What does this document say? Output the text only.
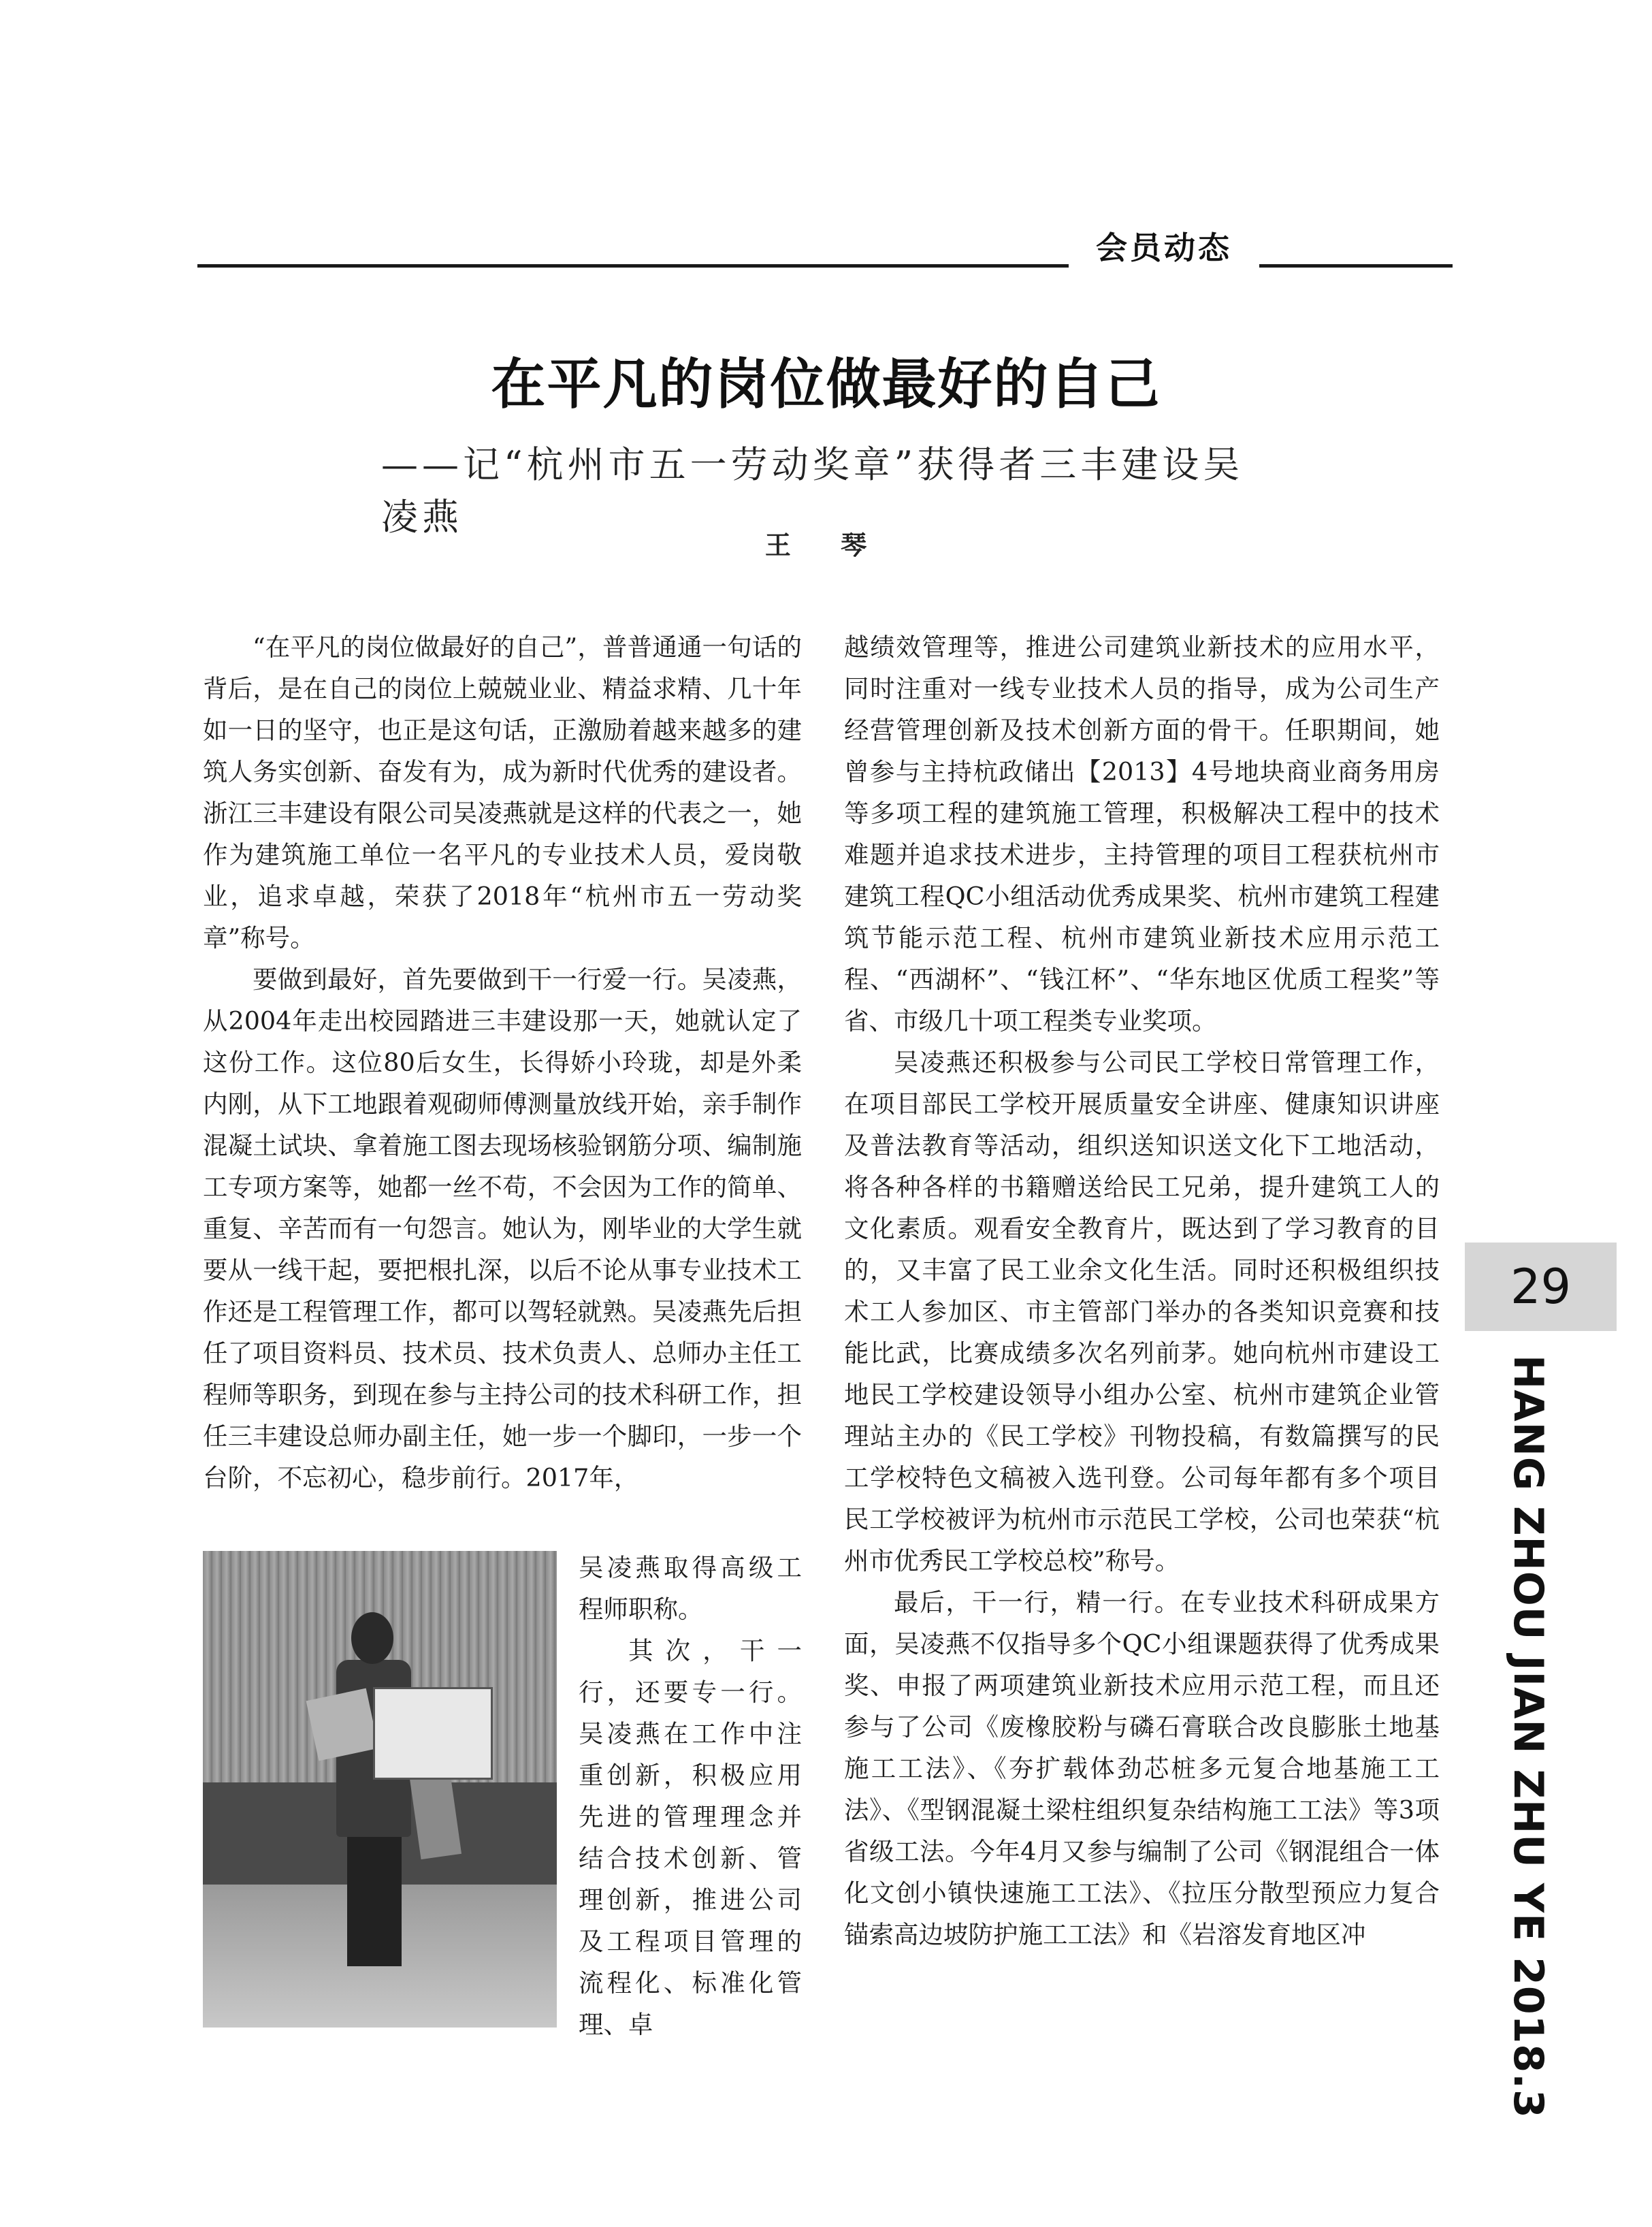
会员动态
在平凡的岗位做最好的自己
——记“杭州市五一劳动奖章”获得者三丰建设吴凌燕
王 琴

“在平凡的岗位做最好的自己”，普普通通一句话的背后，是在自己的岗位上兢兢业业、精益求精、几十年如一日的坚守，也正是这句话，正激励着越来越多的建筑人务实创新、奋发有为，成为新时代优秀的建设者。浙江三丰建设有限公司吴凌燕就是这样的代表之一，她作为建筑施工单位一名平凡的专业技术人员，爱岗敬业，追求卓越，荣获了2018年“杭州市五一劳动奖章”称号。

要做到最好，首先要做到干一行爱一行。吴凌燕，从2004年走出校园踏进三丰建设那一天，她就认定了这份工作。这位80后女生，长得娇小玲珑，却是外柔内刚，从下工地跟着观砌师傅测量放线开始，亲手制作混凝土试块、拿着施工图去现场核验钢筋分项、编制施工专项方案等，她都一丝不苟，不会因为工作的简单、重复、辛苦而有一句怨言。她认为，刚毕业的大学生就要从一线干起，要把根扎深，以后不论从事专业技术工作还是工程管理工作，都可以驾轻就熟。吴凌燕先后担任了项目资料员、技术员、技术负责人、总师办主任工程师等职务，到现在参与主持公司的技术科研工作，担任三丰建设总师办副主任，她一步一个脚印，一步一个台阶，不忘初心，稳步前行。2017年，

吴凌燕取得高级工程师职称。

其次，干一行，还要专一行。吴凌燕在工作中注重创新，积极应用先进的管理理念并结合技术创新、管理创新，推进公司及工程项目管理的流程化、标准化管理、卓

越绩效管理等，推进公司建筑业新技术的应用水平，同时注重对一线专业技术人员的指导，成为公司生产经营管理创新及技术创新方面的骨干。任职期间，她曾参与主持杭政储出【2013】4号地块商业商务用房等多项工程的建筑施工管理，积极解决工程中的技术难题并追求技术进步，主持管理的项目工程获杭州市建筑工程QC小组活动优秀成果奖、杭州市建筑工程建筑节能示范工程、杭州市建筑业新技术应用示范工程、“西湖杯”、“钱江杯”、“华东地区优质工程奖”等省、市级几十项工程类专业奖项。

吴凌燕还积极参与公司民工学校日常管理工作，在项目部民工学校开展质量安全讲座、健康知识讲座及普法教育等活动，组织送知识送文化下工地活动，将各种各样的书籍赠送给民工兄弟，提升建筑工人的文化素质。观看安全教育片，既达到了学习教育的目的，又丰富了民工业余文化生活。同时还积极组织技术工人参加区、市主管部门举办的各类知识竞赛和技能比武，比赛成绩多次名列前茅。她向杭州市建设工地民工学校建设领导小组办公室、杭州市建筑企业管理站主办的《民工学校》刊物投稿，有数篇撰写的民工学校特色文稿被入选刊登。公司每年都有多个项目民工学校被评为杭州市示范民工学校，公司也荣获“杭州市优秀民工学校总校”称号。

最后，干一行，精一行。在专业技术科研成果方面，吴凌燕不仅指导多个QC小组课题获得了优秀成果奖、申报了两项建筑业新技术应用示范工程，而且还参与了公司《废橡胶粉与磷石膏联合改良膨胀土地基施工工法》、《夯扩载体劲芯桩多元复合地基施工工法》、《型钢混凝土梁柱组织复杂结构施工工法》等3项省级工法。今年4月又参与编制了公司《钢混组合一体化文创小镇快速施工工法》、《拉压分散型预应力复合锚索高边坡防护施工工法》和《岩溶发育地区冲

29
HANG ZHOU JIAN ZHU YE 2018.3
